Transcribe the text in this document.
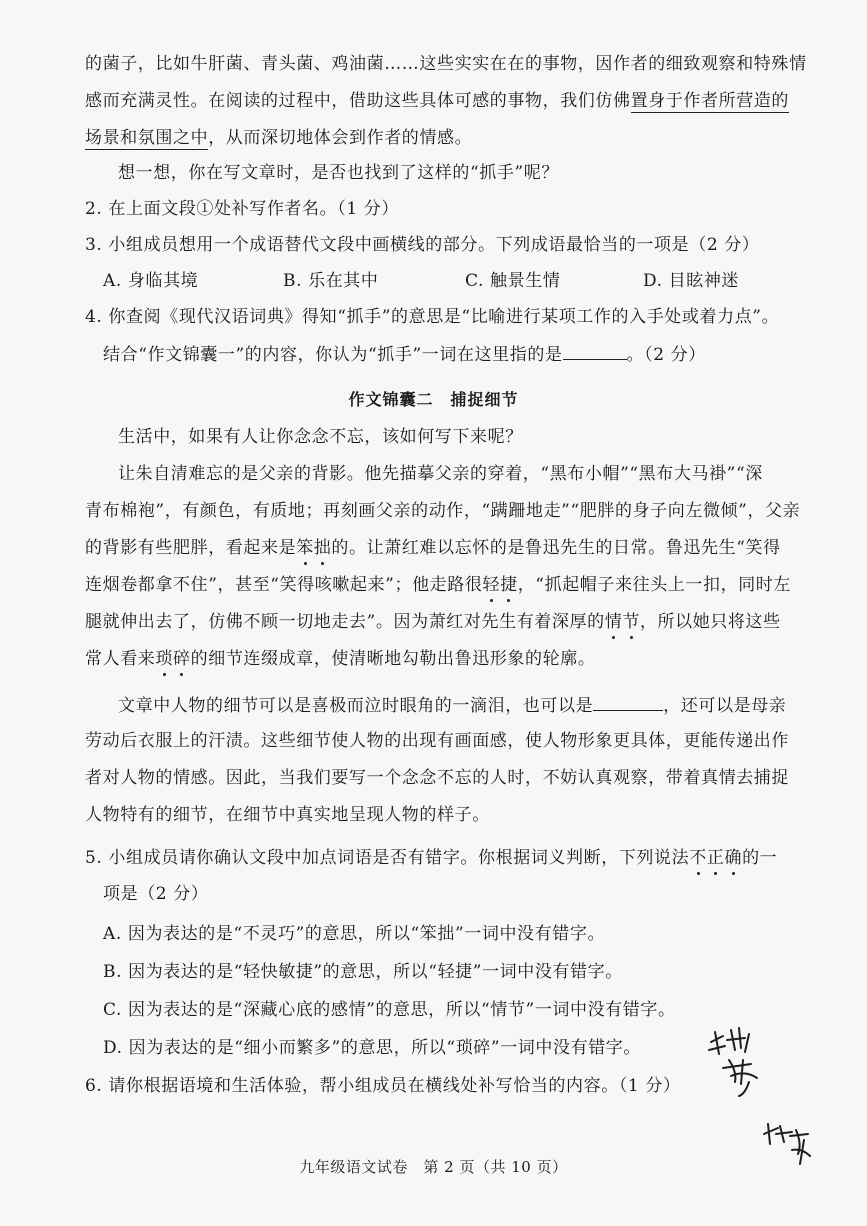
的菌子，比如牛肝菌、青头菌、鸡油菌……这些实实在在的事物，因作者的细致观察和特殊情
感而充满灵性。在阅读的过程中，借助这些具体可感的事物，我们仿佛置身于作者所营造的
场景和氛围之中，从而深切地体会到作者的情感。
想一想，你在写文章时，是否也找到了这样的“抓手”呢？
2. 在上面文段①处补写作者名。（1 分）
3. 小组成员想用一个成语替代文段中画横线的部分。下列成语最恰当的一项是（2 分）
A. 身临其境	B. 乐在其中	C. 触景生情	D. 目眩神迷
4. 你查阅《现代汉语词典》得知“抓手”的意思是“比喻进行某项工作的入手处或着力点”。
结合“作文锦囊一”的内容，你认为“抓手”一词在这里指的是	。（2 分）
作文锦囊二　捕捉细节
生活中，如果有人让你念念不忘，该如何写下来呢？
让朱自清难忘的是父亲的背影。他先描摹父亲的穿着，“黑布小帽”“黑布大马褂”“深
青布棉袍”，有颜色，有质地；再刻画父亲的动作，“蹒跚地走”“肥胖的身子向左微倾”，父亲
的背影有些肥胖，看起来是笨拙的。让萧红难以忘怀的是鲁迅先生的日常。鲁迅先生“笑得
连烟卷都拿不住”，甚至“笑得咳嗽起来”；他走路很轻捷，“抓起帽子来往头上一扣，同时左
腿就伸出去了，仿佛不顾一切地走去”。因为萧红对先生有着深厚的情节，所以她只将这些
常人看来琐碎的细节连缀成章，使清晰地勾勒出鲁迅形象的轮廓。
文章中人物的细节可以是喜极而泣时眼角的一滴泪，也可以是	，还可以是母亲
劳动后衣服上的汗渍。这些细节使人物的出现有画面感，使人物形象更具体，更能传递出作
者对人物的情感。因此，当我们要写一个念念不忘的人时，不妨认真观察，带着真情去捕捉
人物特有的细节，在细节中真实地呈现人物的样子。
5. 小组成员请你确认文段中加点词语是否有错字。你根据词义判断，下列说法不正确的一
项是（2 分）
A. 因为表达的是“不灵巧”的意思，所以“笨拙”一词中没有错字。
B. 因为表达的是“轻快敏捷”的意思，所以“轻捷”一词中没有错字。
C. 因为表达的是“深藏心底的感情”的意思，所以“情节”一词中没有错字。
D. 因为表达的是“细小而繁多”的意思，所以“琐碎”一词中没有错字。
6. 请你根据语境和生活体验，帮小组成员在横线处补写恰当的内容。（1 分）
九年级语文试卷　第 2 页（共 10 页）
